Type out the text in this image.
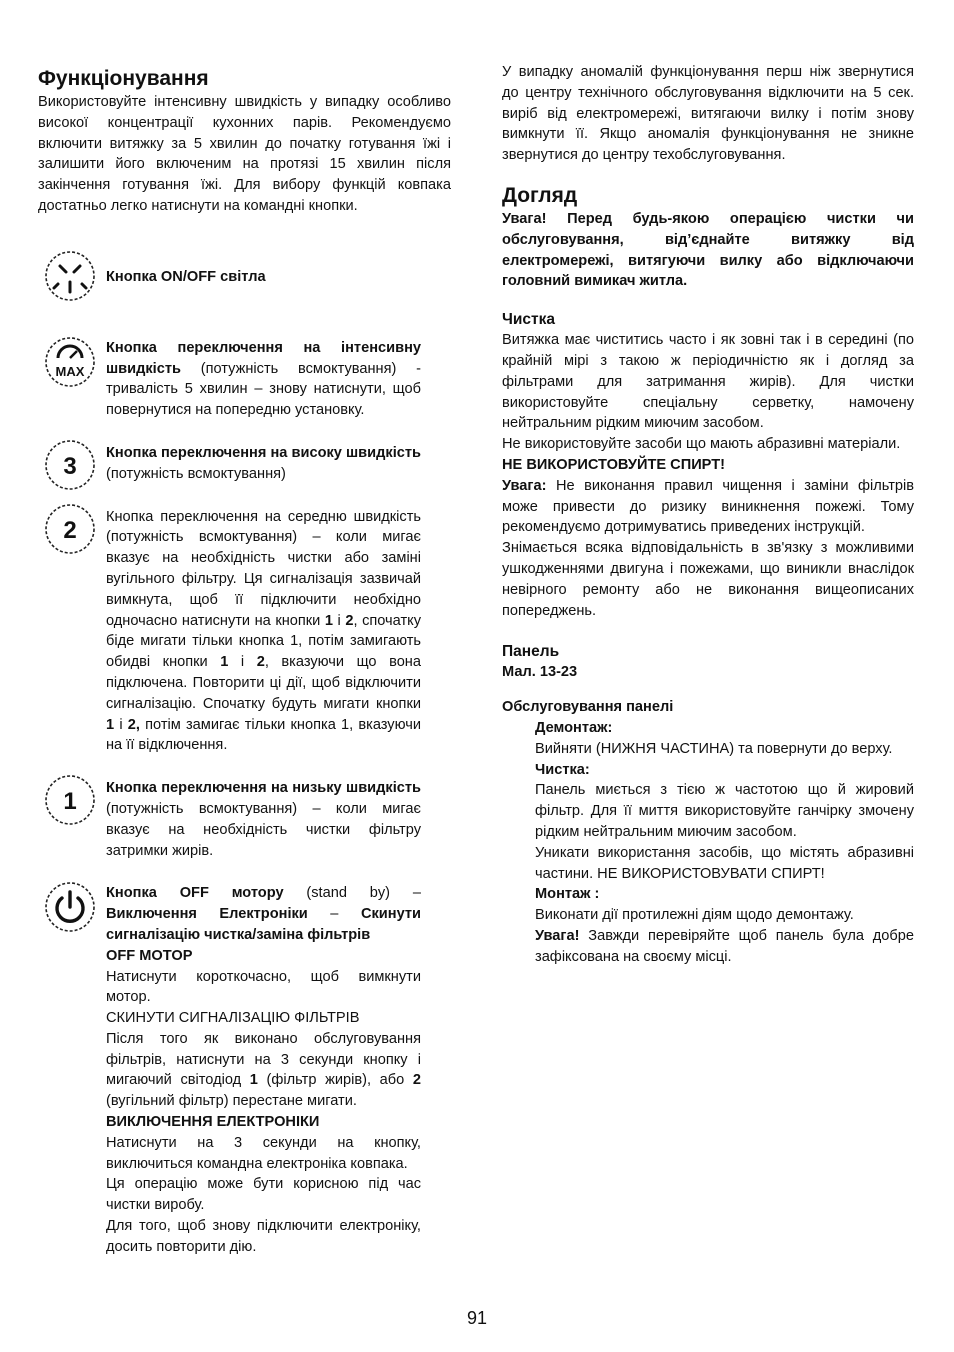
Функціонування

Використовуйте інтенсивну швидкість у випадку особливо високої концентрації кухонних парів. Рекомендуємо включити витяжку за 5 хвилин до початку готування їжі і залишити його включеним на протязі 15 хвилин після закінчення готування їжі. Для вибору функцій ковпака достатньо легко натиснути на командні кнопки.

Кнопка ON/OFF світла

MAX

Кнопка переключення на інтенсивну швидкість (потужність всмоктування) - тривалість 5 хвилин – знову натиснути, щоб повернутися на попередню установку.

3 Кнопка переключення на високу швидкість (потужність всмоктування)

2 Кнопка переключення на середню швидкість (потужність всмоктування) – коли мигає вказує на необхідність чистки або заміні вугільного фільтру. Ця сигналізація зазвичай вимкнута, щоб її підключити необхідно одночасно натиснути на кнопки 1 і 2, спочатку біде мигати тільки кнопка 1, потім замигають обидві кнопки 1 і 2, вказуючи що вона підключена. Повторити ці дії, щоб відключити сигналізацію. Спочатку будуть мигати кнопки 1 і 2, потім замигає тільки кнопка 1, вказуючи на її відключення.

1 Кнопка переключення на низьку швидкість (потужність всмоктування) – коли мигає вказує на необхідність чистки фільтру затримки жирів.

Кнопка OFF мотору (stand by) – Виключення Електроніки – Скинути сигналізацію чистка/заміна фільтрів

OFF MOTOP

Натиснути короткочасно, щоб вимкнути мотор.

СКИНУТИ СИГНАЛІЗАЦІЮ ФІЛЬТРІВ

Після того як виконано обслуговування фільтрів, натиснути на 3 секунди кнопку і мигаючий світодіод 1 (фільтр жирів), або 2 (вугільний фільтр) перестане мигати.

ВИКЛЮЧЕННЯ ЕЛЕКТРОНІКИ

Натиснути на 3 секунди на кнопку, виключиться командна електроніка ковпака.

Ця операцію може бути корисною під час чистки виробу.

Для того, щоб знову підключити електроніку, досить повторити дію.

У випадку аномалій функціонування перш ніж звернутися до центру технічного обслуговування відключити на 5 сек. виріб від електромережі, витягаючи вилку і потім знову вимкнути її. Якщо аномалія функціонування не зникне звернутися до центру техобслуговування.

Догляд

Увага! Перед будь-якою операцією чистки чи обслуговування, від’єднайте витяжку від електромережі, витягуючи вилку або відключаючи головний вимикач житла.

Чистка

Витяжка має чиститись часто і як зовні так і в середині (по крайній мірі з такою ж періодичністю як і догляд за фільтрами для затримання жирів). Для чистки використовуйте спеціальну серветку, намочену нейтральним рідким миючим засобом.

Не використовуйте засоби що мають абразивні матеріали.

НЕ ВИКОРИСТОВУЙТЕ СПИРТ!

Увага: Не виконання правил чищення і заміни фільтрів може привести до ризику виникнення пожежі. Тому рекомендуємо дотримуватись приведених інструкцій.

Знімається всяка відповідальність в зв'язку з можливими ушкодженнями двигуна і пожежами, що виникли внаслідок невірного ремонту або не виконання вищеописаних попереджень.

Панель

Мал. 13-23

Обслуговування панелі

Демонтаж:

Вийняти (НИЖНЯ ЧАСТИНА) та повернути до верху.

Чистка:

Панель миється з тією ж частотою що й жировий фільтр. Для її миття використовуйте ганчірку змочену рідким нейтральним миючим засобом.

Уникати використання засобів, що містять абразивні частини. НЕ ВИКОРИСТОВУВАТИ СПИРТ!

Монтаж :

Виконати дії протилежні діям щодо демонтажу.

Увага! Завжди перевіряйте щоб панель була добре зафіксована на своєму місці.

91
